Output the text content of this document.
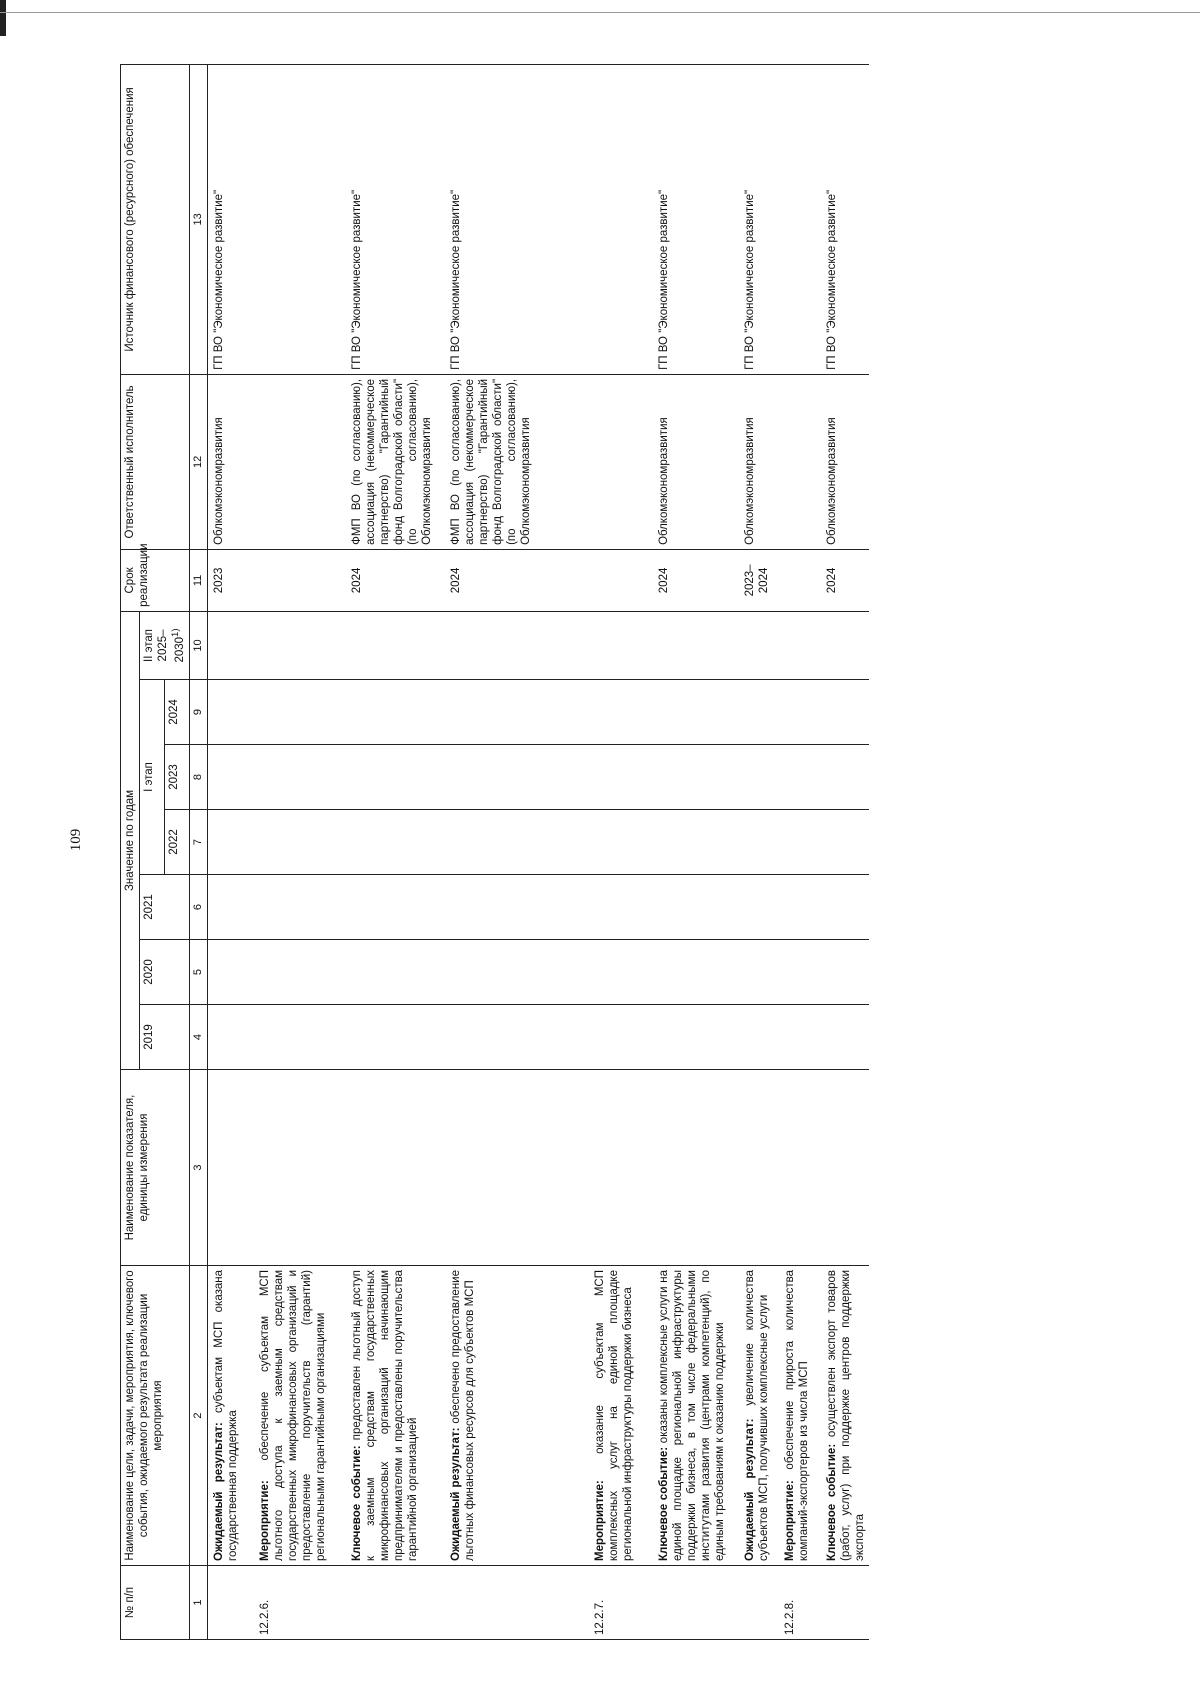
109
№ п/п	Наименование цели, задачи, мероприятия, ключевого события, ожидаемого результата реализации мероприятия	Наименование показателя, единицы измерения	Значение по годам							Срок реализации	Ответственный исполнитель	Источник финансового (ресурсного) обеспечения
			2019	2020	2021	I этап			II этап 2025–2030$^{1)}$
						2022	2023	2024				
1	2	3	4	5	6	7	8	9	10	11	12	13
	Ожидаемый результат: субъектам МСП оказана государственная поддержка									2023	Облкомэкономразвития	ГП ВО "Экономическое развитие"
12.2.6.	Мероприятие: обеспечение субъектам МСП льготного доступа к заемным средствам государственных микрофинансовых организаций и предоставление поручительств (гарантий) региональными гарантийными организациями											
	Ключевое событие: предоставлен льготный доступ к заемным средствам государственных микрофинансовых организаций начинающим предпринимателям и предоставлены поручительства гарантийной организацией									2024	ФМП ВО (по согласованию), ассоциация (некоммерческое партнерство) "Гарантийный фонд Волгоградской области" (по согласованию), Облкомэкономразвития	ГП ВО "Экономическое развитие"
	Ожидаемый результат: обеспечено предоставление льготных финансовых ресурсов для субъектов МСП									2024	ФМП ВО (по согласованию), ассоциация (некоммерческое партнерство) "Гарантийный фонд Волгоградской области" (по согласованию), Облкомэкономразвития	ГП ВО "Экономическое развитие"
12.2.7.	Мероприятие: оказание субъектам МСП комплексных услуг на единой площадке региональной инфраструктуры поддержки бизнеса											
	Ключевое событие: оказаны комплексные услуги на единой площадке региональной инфраструктуры поддержки бизнеса, в том числе федеральными институтами развития (центрами компетенций), по единым требованиям к оказанию поддержки									2024	Облкомэкономразвития	ГП ВО "Экономическое развитие"
	Ожидаемый результат: увеличение количества субъектов МСП, получивших комплексные услуги									2023–2024	Облкомэкономразвития	ГП ВО "Экономическое развитие"
12.2.8.	Мероприятие: обеспечение прироста количества компаний-экспортеров из числа МСП											
	Ключевое событие: осуществлен экспорт товаров (работ, услуг) при поддержке центров поддержки экспорта									2024	Облкомэкономразвития	ГП ВО "Экономическое развитие"
